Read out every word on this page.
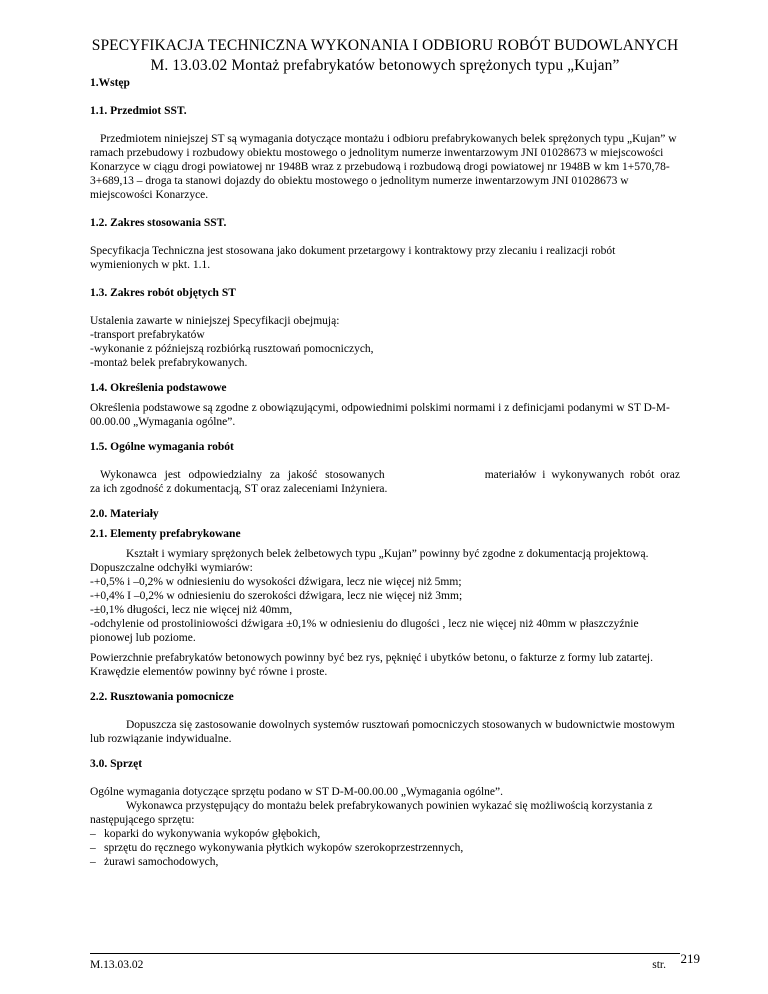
SPECYFIKACJA TECHNICZNA WYKONANIA I ODBIORU ROBÓT BUDOWLANYCH
M. 13.03.02 Montaż prefabrykatów betonowych sprężonych typu „Kujan”

1.Wstęp

1.1. Przedmiot SST.

Przedmiotem niniejszej ST są wymagania dotyczące montażu i odbioru prefabrykowanych belek sprężonych typu „Kujan” w ramach przebudowy i rozbudowy obiektu mostowego o jednolitym numerze inwentarzowym JNI 01028673 w miejscowości Konarzyce w ciągu drogi powiatowej nr 1948B wraz z przebudową i rozbudową drogi powiatowej nr 1948B w km 1+570,78-3+689,13 – droga ta stanowi dojazdy do obiektu mostowego o jednolitym numerze inwentarzowym JNI 01028673 w miejscowości Konarzyce.

1.2. Zakres stosowania SST.

Specyfikacja Techniczna jest stosowana jako dokument przetargowy i kontraktowy przy zlecaniu i realizacji robót wymienionych w pkt. 1.1.

1.3. Zakres robót objętych ST

Ustalenia zawarte w niniejszej Specyfikacji obejmują:

-transport prefabrykatów

-wykonanie z późniejszą rozbiórką rusztowań pomocniczych,

-montaż belek prefabrykowanych.

1.4. Określenia podstawowe

Określenia podstawowe są zgodne z obowiązującymi, odpowiednimi polskimi normami i z definicjami podanymi w ST D-M-00.00.00 „Wymagania ogólne”.

1.5. Ogólne wymagania robót

Wykonawca jest odpowiedzialny za jakość stosowanych	materiałów i wykonywanych robót oraz

za ich zgodność z dokumentacją, ST oraz zaleceniami Inżyniera.

2.0. Materiały

2.1. Elementy prefabrykowane

Kształt i wymiary sprężonych belek żelbetowych typu „Kujan” powinny być zgodne z dokumentacją projektową.

Dopuszczalne odchyłki wymiarów:

-+0,5% i –0,2% w odniesieniu do wysokości dźwigara, lecz nie więcej niż 5mm;

-+0,4% I –0,2% w odniesieniu do szerokości dźwigara, lecz nie więcej niż 3mm;

-±0,1% długości, lecz nie więcej niż 40mm,

-odchylenie od prostoliniowości dźwigara ±0,1% w odniesieniu do dlugości , lecz nie więcej niż 40mm w płaszczyźnie pionowej lub poziome.

Powierzchnie prefabrykatów betonowych powinny być bez rys, pęknięć i ubytków betonu, o fakturze z formy lub zatartej. Krawędzie elementów powinny być równe i proste.

2.2. Rusztowania pomocnicze

Dopuszcza się zastosowanie dowolnych systemów rusztowań pomocniczych stosowanych w budownictwie mostowym lub rozwiązanie indywidualne.

3.0. Sprzęt

Ogólne wymagania dotyczące sprzętu podano w ST D-M-00.00.00 „Wymagania ogólne”.

Wykonawca przystępujący do montażu belek prefabrykowanych powinien wykazać się możliwością korzystania z następującego sprzętu:

– koparki do wykonywania wykopów głębokich,
– sprzętu do ręcznego wykonywania płytkich wykopów szerokoprzestrzennych,
– żurawi samochodowych,
M.13.03.02	str. 219
